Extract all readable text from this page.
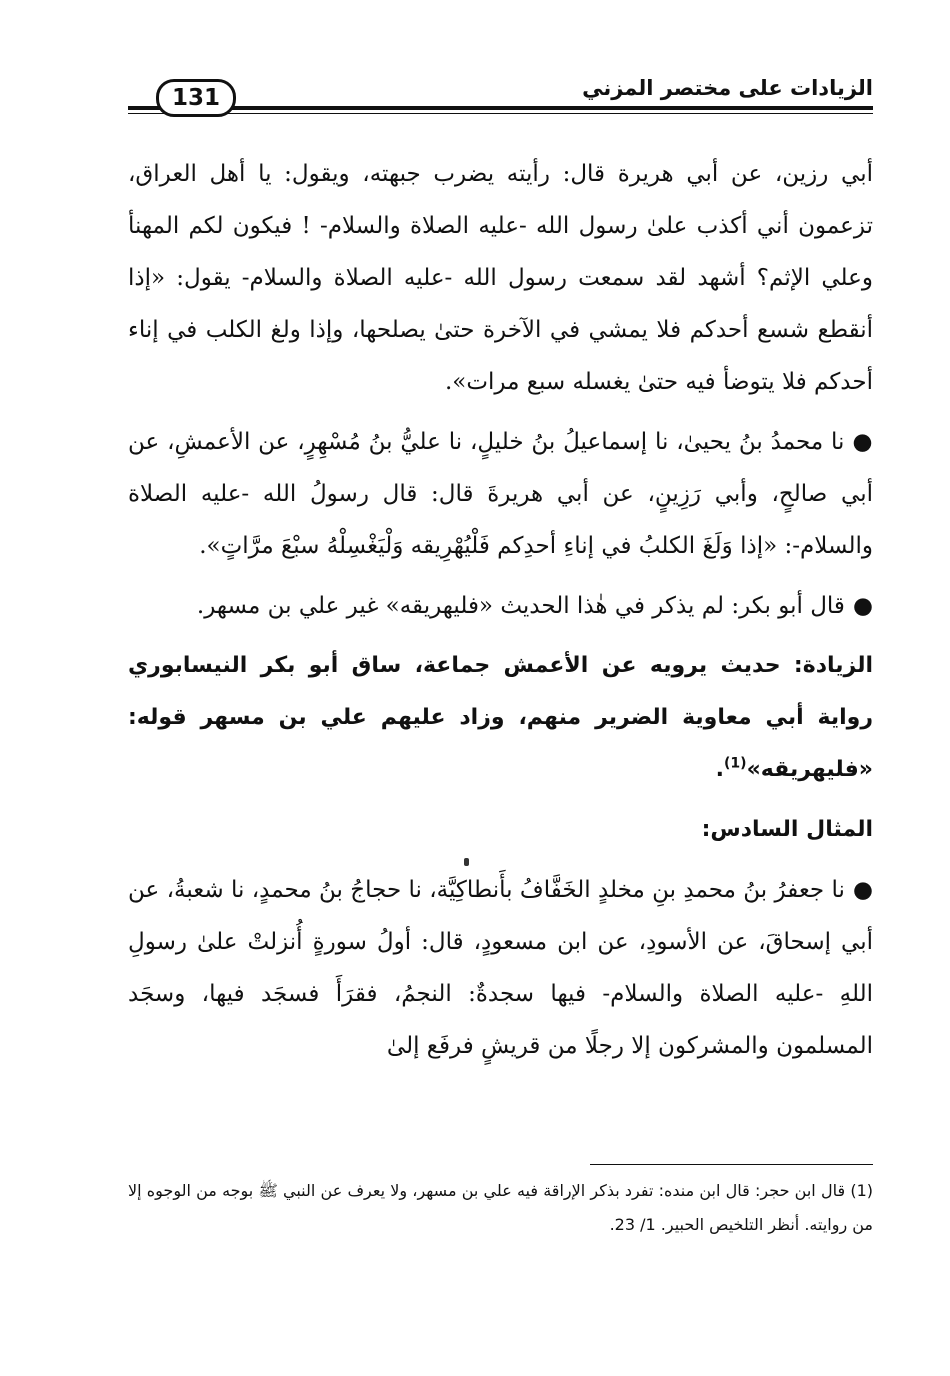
131	الزيادات على مختصر المزني

أبي رزين، عن أبي هريرة قال: رأيته يضرب جبهته، ويقول: يا أهل العراق، تزعمون أني أكذب علىٰ رسول الله -عليه الصلاة والسلام- ! فيكون لكم المهنأ وعلي الإثم؟ أشهد لقد سمعت رسول الله -عليه الصلاة والسلام- يقول: «إذا أنقطع شسع أحدكم فلا يمشي في الآخرة حتىٰ يصلحها، وإذا ولغ الكلب في إناء أحدكم فلا يتوضأ فيه حتىٰ يغسله سبع مرات».

●نا محمدُ بنُ يحيىٰ، نا إسماعيلُ بنُ خليلٍ، نا عليُّ بنُ مُسْهِرٍ، عن الأعمشِ، عن أبي صالحٍ، وأبي رَزِينٍ، عن أبي هريرةَ قال: قال رسولُ الله -عليه الصلاة والسلام-: «إذا وَلَغَ الكلبُ في إناءِ أحدِكم فَلْيُهْرِيقه وَلْيَغْسِلْهُ سبْعَ مرَّاتٍ».

●قال أبو بكر: لم يذكر في هٰذا الحديث «فليهريقه» غير علي بن مسهر.

الزيادة: حديث يرويه عن الأعمش جماعة، ساق أبو بكر النيسابوري رواية أبي معاوية الضرير منهم، وزاد عليهم علي بن مسهر قوله: «فليهريقه»$^{(1)}$.

المثال السادس:

●نا جعفرُ بنُ محمدِ بنِ مخلدٍ الخَفَّافُ بأَنطاكِيَّة، نا حجاجُ بنُ محمدٍ، نا شعبةُ، عن أبي إسحاقَ، عن الأسودِ، عن ابن مسعودٍ، قال: أولُ سورةٍ أُنزلتْ علىٰ رسولِ اللهِ -عليه الصلاة والسلام- فيها سجدةٌ: النجمُ، فقرَأَ فسجَد فيها، وسجَد المسلمون والمشركون إلا رجلًا من قريشٍ فرفَع إلىٰ

(1) قال ابن حجر: قال ابن منده: تفرد بذكر الإراقة فيه علي بن مسهر، ولا يعرف عن النبي ﷺ بوجه من الوجوه إلا من روايته. أنظر التلخيص الحبير. 1/ 23.
